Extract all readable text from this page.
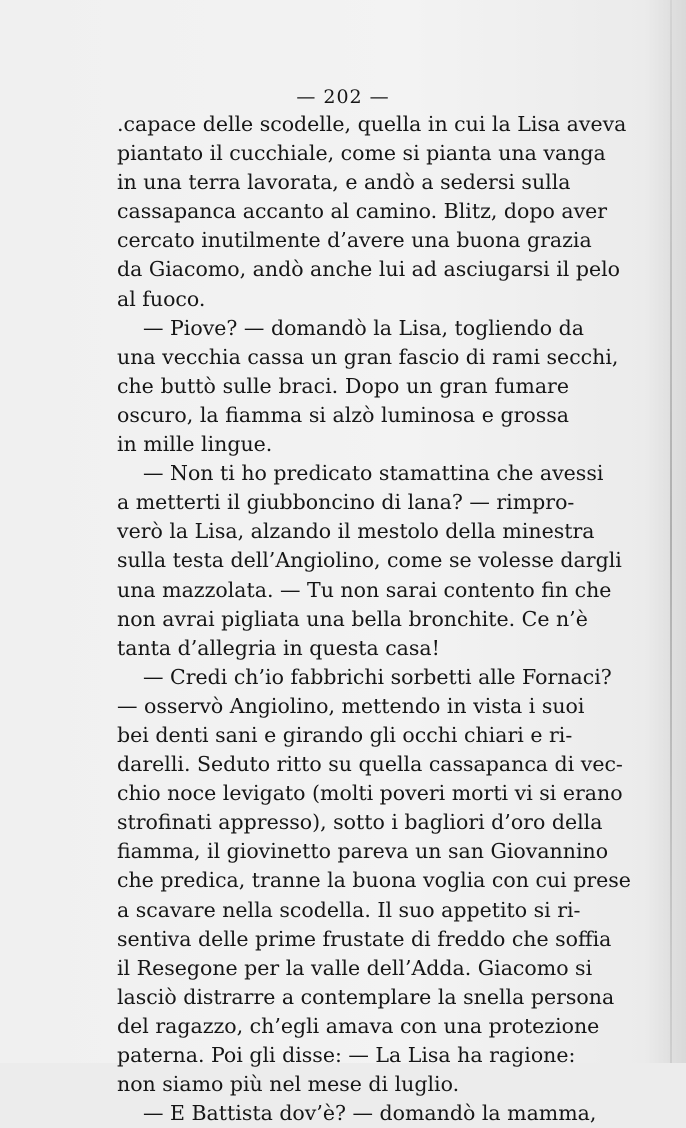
— 202 —
.capace delle scodelle, quella in cui la Lisa aveva
piantato il cucchiale, come si pianta una vanga
in una terra lavorata, e andò a sedersi sulla
cassapanca accanto al camino. Blitz, dopo aver
cercato inutilmente d’avere una buona grazia
da Giacomo, andò anche lui ad asciugarsi il pelo
al fuoco.
— Piove? — domandò la Lisa, togliendo da
una vecchia cassa un gran fascio di rami secchi,
che buttò sulle braci. Dopo un gran fumare
oscuro, la fiamma si alzò luminosa e grossa
in mille lingue.
— Non ti ho predicato stamattina che avessi
a metterti il giubboncino di lana? — rimpro-
verò la Lisa, alzando il mestolo della minestra
sulla testa dell’Angiolino, come se volesse dargli
una mazzolata. — Tu non sarai contento fin che
non avrai pigliata una bella bronchite. Ce n’è
tanta d’allegria in questa casa!
— Credi ch’io fabbrichi sorbetti alle Fornaci?
— osservò Angiolino, mettendo in vista i suoi
bei denti sani e girando gli occhi chiari e ri-
darelli. Seduto ritto su quella cassapanca di vec-
chio noce levigato (molti poveri morti vi si erano
strofinati appresso), sotto i bagliori d’oro della
fiamma, il giovinetto pareva un san Giovannino
che predica, tranne la buona voglia con cui prese
a scavare nella scodella. Il suo appetito si ri-
sentiva delle prime frustate di freddo che soffia
il Resegone per la valle dell’Adda. Giacomo si
lasciò distrarre a contemplare la snella persona
del ragazzo, ch’egli amava con una protezione
paterna. Poi gli disse: — La Lisa ha ragione:
non siamo più nel mese di luglio.
— E Battista dov’è? — domandò la mamma,
